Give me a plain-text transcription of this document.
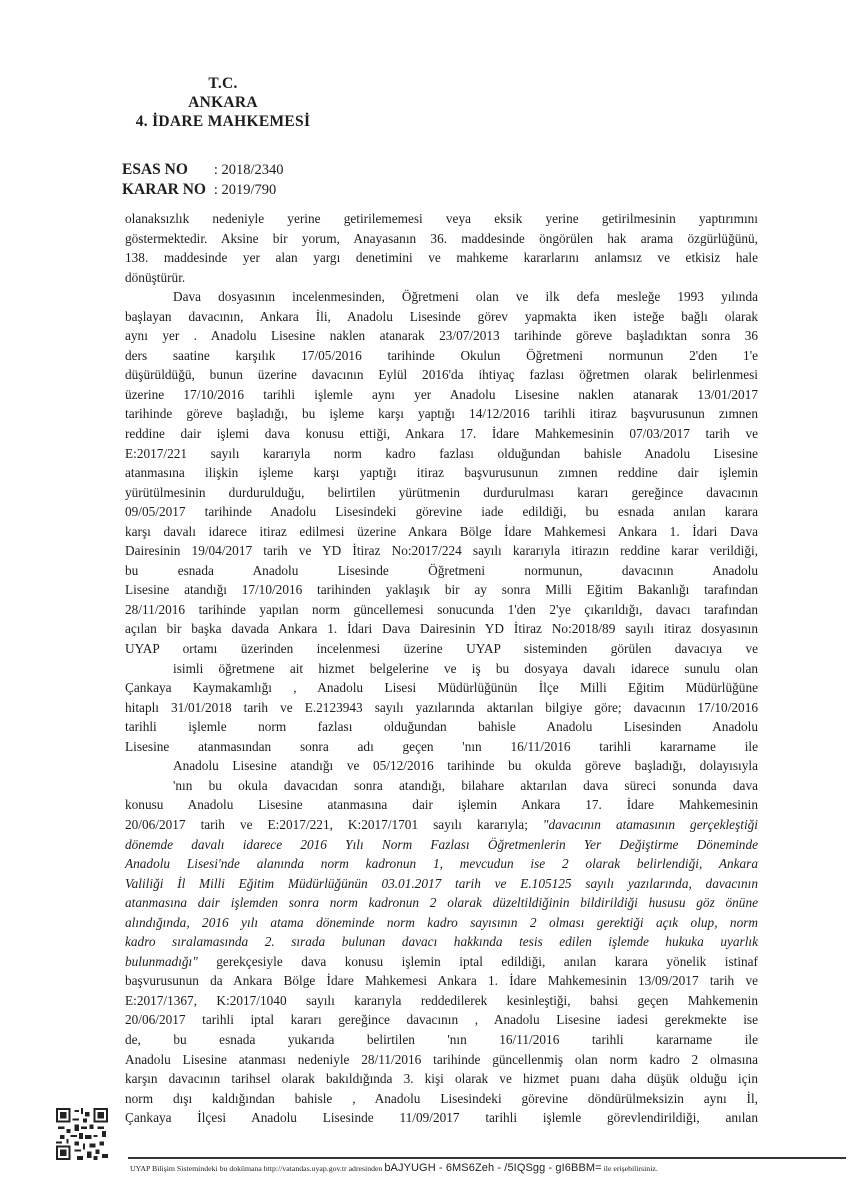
T.C.
ANKARA
4. İDARE MAHKEMESİ
ESAS NO : 2018/2340
KARAR NO : 2019/790
olanaksızlık nedeniyle yerine getirilememesi veya eksik yerine getirilmesinin yaptırımını
göstermektedir. Aksine bir yorum, Anayasanın 36. maddesinde öngörülen hak arama özgürlüğünü,
138. maddesinde yer alan yargı denetimini ve mahkeme kararlarını anlamsız ve etkisiz hale
dönüştürür.
Dava dosyasının incelenmesinden, Öğretmeni olan ve ilk defa mesleğe 1993 yılında
başlayan davacının, Ankara İli, Anadolu Lisesinde görev yapmakta iken isteğe bağlı olarak
aynı yer . Anadolu Lisesine naklen atanarak 23/07/2013 tarihinde göreve başladıktan sonra 36
ders saatine karşılık 17/05/2016 tarihinde Okulun Öğretmeni normunun 2'den 1'e
düşürüldüğü, bunun üzerine davacının Eylül 2016'da ihtiyaç fazlası öğretmen olarak belirlenmesi
üzerine 17/10/2016 tarihli işlemle aynı yer Anadolu Lisesine naklen atanarak 13/01/2017
tarihinde göreve başladığı, bu işleme karşı yaptığı 14/12/2016 tarihli itiraz başvurusunun zımnen
reddine dair işlemi dava konusu ettiği, Ankara 17. İdare Mahkemesinin 07/03/2017 tarih ve
E:2017/221 sayılı kararıyla norm kadro fazlası olduğundan bahisle Anadolu Lisesine
atanmasına ilişkin işleme karşı yaptığı itiraz başvurusunun zımnen reddine dair işlemin
yürütülmesinin durdurulduğu, belirtilen yürütmenin durdurulması kararı gereğince davacının
09/05/2017 tarihinde Anadolu Lisesindeki görevine iade edildiği, bu esnada anılan karara
karşı davalı idarece itiraz edilmesi üzerine Ankara Bölge İdare Mahkemesi Ankara 1. İdari Dava
Dairesinin 19/04/2017 tarih ve YD İtiraz No:2017/224 sayılı kararıyla itirazın reddine karar verildiği,
bu esnada Anadolu Lisesinde Öğretmeni normunun, davacının Anadolu
Lisesine atandığı 17/10/2016 tarihinden yaklaşık bir ay sonra Milli Eğitim Bakanlığı tarafından
28/11/2016 tarihinde yapılan norm güncellemesi sonucunda 1'den 2'ye çıkarıldığı, davacı tarafından
açılan bir başka davada Ankara 1. İdari Dava Dairesinin YD İtiraz No:2018/89 sayılı itiraz dosyasının
UYAP ortamı üzerinden incelenmesi üzerine UYAP sisteminden görülen davacıya ve
isimli öğretmene ait hizmet belgelerine ve iş bu dosyaya davalı idarece sunulu olan
Çankaya Kaymakamlığı , Anadolu Lisesi Müdürlüğünün İlçe Milli Eğitim Müdürlüğüne
hitaplı 31/01/2018 tarih ve E.2123943 sayılı yazılarında aktarılan bilgiye göre; davacının 17/10/2016
tarihli işlemle norm fazlası olduğundan bahisle Anadolu Lisesinden Anadolu
Lisesine atanmasından sonra adı geçen 'nın 16/11/2016 tarihli kararname ile
Anadolu Lisesine atandığı ve 05/12/2016 tarihinde bu okulda göreve başladığı, dolayısıyla
'nın bu okula davacıdan sonra atandığı, bilahare aktarılan dava süreci sonunda dava
konusu Anadolu Lisesine atanmasına dair işlemin Ankara 17. İdare Mahkemesinin
20/06/2017 tarih ve E:2017/221, K:2017/1701 sayılı kararıyla; "davacının atamasının gerçekleştiği
dönemde davalı idarece 2016 Yılı Norm Fazlası Öğretmenlerin Yer Değiştirme Döneminde
Anadolu Lisesi'nde alanında norm kadronun 1, mevcudun ise 2 olarak belirlendiği, Ankara
Valiliği İl Milli Eğitim Müdürlüğünün 03.01.2017 tarih ve E.105125 sayılı yazılarında, davacının
atanmasına dair işlemden sonra norm kadronun 2 olarak düzeltildiğinin bildirildiği hususu göz önüne
alındığında, 2016 yılı atama döneminde norm kadro sayısının 2 olması gerektiği açık olup, norm
kadro sıralamasında 2. sırada bulunan davacı hakkında tesis edilen işlemde hukuka uyarlık
bulunmadığı" gerekçesiyle dava konusu işlemin iptal edildiği, anılan karara yönelik istinaf
başvurusunun da Ankara Bölge İdare Mahkemesi Ankara 1. İdare Mahkemesinin 13/09/2017 tarih ve
E:2017/1367, K:2017/1040 sayılı kararıyla reddedilerek kesinleştiği, bahsi geçen Mahkemenin
20/06/2017 tarihli iptal kararı gereğince davacının , Anadolu Lisesine iadesi gerekmekte ise
de, bu esnada yukarıda belirtilen 'nın 16/11/2016 tarihli kararname ile
Anadolu Lisesine atanması nedeniyle 28/11/2016 tarihinde güncellenmiş olan norm kadro 2 olmasına
karşın davacının tarihsel olarak bakıldığında 3. kişi olarak ve hizmet puanı daha düşük olduğu için
norm dışı kaldığından bahisle , Anadolu Lisesindeki görevine döndürülmeksizin aynı İl,
Çankaya İlçesi Anadolu Lisesinde 11/09/2017 tarihli işlemle görevlendirildiği, anılan
UYAP Bilişim Sistemindeki bu dokümana http://vatandas.uyap.gov.tr adresinden bAJYUGH - 6MS6Zeh - /5IQSgg - gI6BBM= ile erişebilirsiniz.
